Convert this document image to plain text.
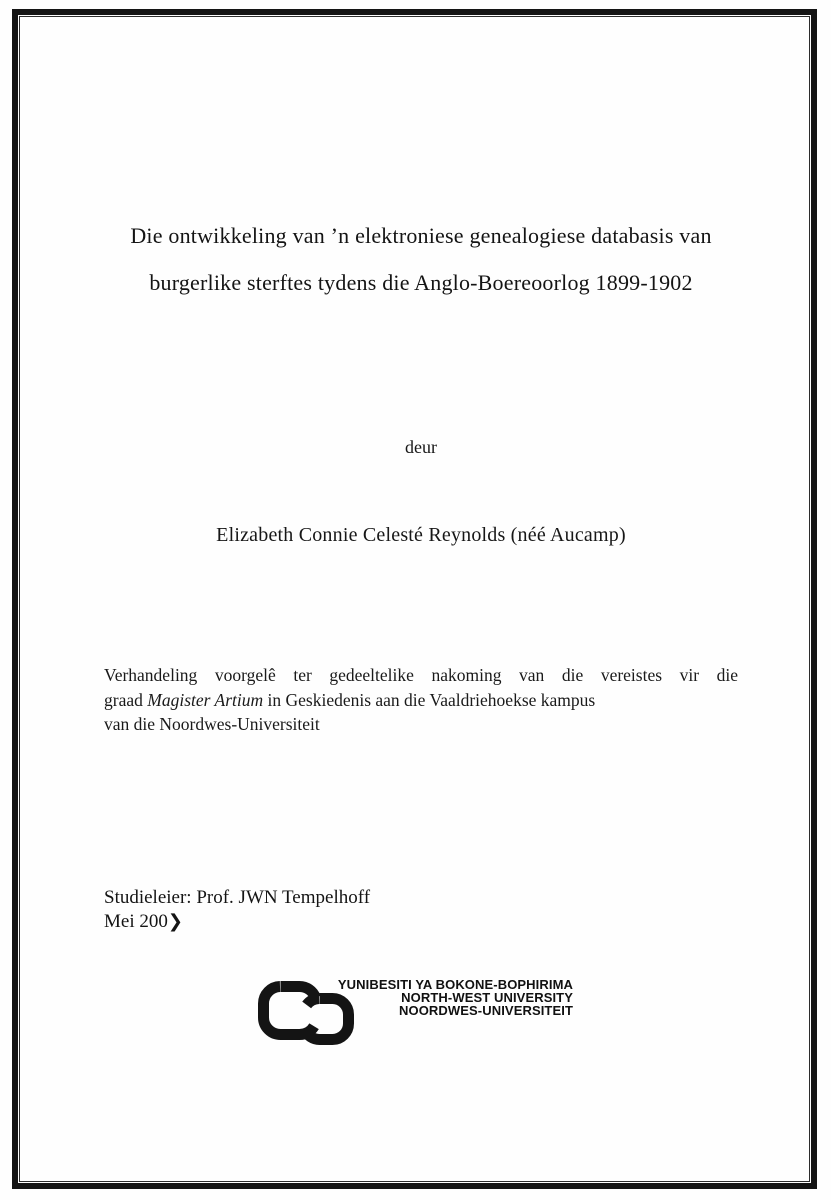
Die ontwikkeling van ’n elektroniese genealogiese databasis van
burgerlike sterftes tydens die Anglo-Boereoorlog 1899-1902
deur
Elizabeth Connie Celesté Reynolds (néé Aucamp)
Verhandeling voorgelê ter gedeeltelike nakoming van die vereistes vir die
graad Magister Artium in Geskiedenis aan die Vaaldriehoekse kampus
van die Noordwes-Universiteit
Studieleier: Prof. JWN Tempelhoff
Mei 200❯
YUNIBESITI YA BOKONE-BOPHIRIMA
NORTH-WEST UNIVERSITY
NOORDWES-UNIVERSITEIT
